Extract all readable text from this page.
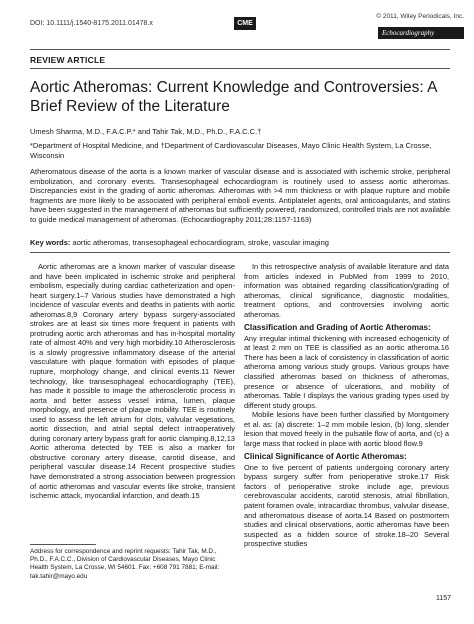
DOI: 10.1111/j.1540-8175.2011.01478.x	CME
© 2011, Wiley Periodicals, Inc.
Echocardiography
REVIEW ARTICLE
Aortic Atheromas: Current Knowledge and Controversies: A Brief Review of the Literature
Umesh Sharma, M.D., F.A.C.P.* and Tahir Tak, M.D., Ph.D., F.A.C.C.†
*Department of Hospital Medicine, and †Department of Cardiovascular Diseases, Mayo Clinic Health System, La Crosse, Wisconsin
Atheromatous disease of the aorta is a known marker of vascular disease and is associated with ischemic stroke, peripheral embolization, and coronary events. Transesophageal echocardiogram is routinely used to assess aortic atheromas. Discrepancies exist in the grading of aortic atheromas. Atheromas with >4 mm thickness or with plaque rupture and mobile fragments are more likely to be associated with peripheral emboli events. Antiplatelet agents, oral anticoagulants, and statins have been suggested in the management of atheromas but sufficiently powered, randomized, controlled trials are not available to guide medical management of atheromas. (Echocardiography 2011;28:1157-1163)
Key words: aortic atheromas, transesophageal echocardiogram, stroke, vascular imaging

Aortic atheromas are a known marker of vascular disease and have been implicated in ischemic stroke and peripheral embolism, especially during cardiac catheterization and open-heart surgery.1–7 Various studies have demonstrated a high incidence of vascular events and deaths in patients with aortic atheromas.8,9 Coronary artery bypass surgery-associated strokes are at least six times more frequent in patients with protruding aortic arch atheromas and has in-hospital mortality rate of almost 40% and very high morbidity.10 Atherosclerosis is a slowly progressive inflammatory disease of the arterial vasculature with plaque formation with episodes of plaque rupture, morphology change, and clinical events.11 Newer technology, like transesophageal echocardiography (TEE), has made it possible to image the atherosclerotic process in aorta and better assess vessel intima, lumen, plaque morphology, and presence of plaque mobility. TEE is routinely used to assess the left atrium for clots, valvular vegetations, aortic dissection, and atrial septal defect intraoperatively during coronary artery bypass graft for aortic clamping.8,12,13 Aortic atheroma detected by TEE is also a marker for obstructive coronary artery disease, carotid disease, and peripheral vascular disease.14 Recent prospective studies have demonstrated a strong association between progression of aortic atheromas and vascular events like stroke, transient ischemic attack, myocardial infarction, and death.15

In this retrospective analysis of available literature and data from articles indexed in PubMed from 1999 to 2010, information was obtained regarding classification/grading of atheromas, clinical significance, diagnostic modalities, treatment options, and controversies involving aortic atheromas.

Classification and Grading of Aortic Atheromas:

Any irregular intimal thickening with increased echogenicity of at least 2 mm on TEE is classified as an aortic atheroma.16 There has been a lack of consistency in classification of aortic atheroma among various study groups. Various groups have classified atheromas based on thickness of atheromas, presence or absence of ulcerations, and mobility of atheromas. Table I displays the various grading types used by different study groups.

Mobile lesions have been further classified by Montgomery et al. as: (a) discrete: 1–2 mm mobile lesion, (b) long, slender lesion that moved freely in the pulsatile flow of aorta, and (c) a large mass that rocked in place with aortic blood flow.9

Clinical Significance of Aortic Atheromas:

One to five percent of patients undergoing coronary artery bypass surgery suffer from perioperative stroke.17 Risk factors of perioperative stroke include age, previous cerebrovascular accidents, carotid stenosis, atrial fibrillation, patent foramen ovale, intracardiac thrombus, valvular disease, and atheromatous disease of aorta.14 Based on postmortem studies and clinical observations, aortic atheromas have been suspected as a hidden source of stroke.18–20 Several prospective studies

Address for correspondence and reprint requests: Tahir Tak, M.D., Ph.D., F.A.C.C., Division of Cardiovascular Diseases, Mayo Clinic Health System, La Crosse, WI 54601. Fax: +608 791 7881; E-mail: tak.tahir@mayo.edu
1157
